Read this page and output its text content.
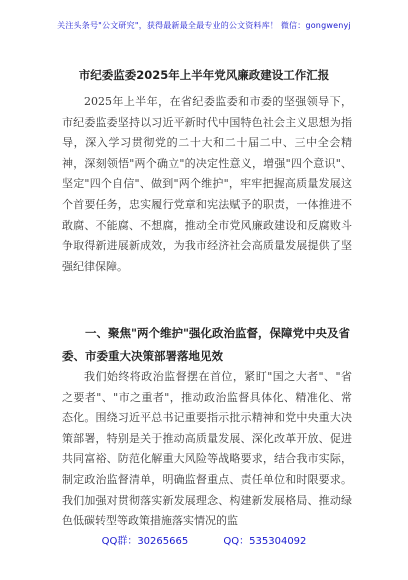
关注头条号"公文研究"，获得最新最全最专业的公文资料库！ 微信：gongwenyj
市纪委监委2025年上半年党风廉政建设工作汇报
2025年上半年，在省纪委监委和市委的坚强领导下，市纪委监委坚持以习近平新时代中国特色社会主义思想为指导，深入学习贯彻党的二十大和二十届二中、三中全会精神，深刻领悟"两个确立"的决定性意义，增强"四个意识"、坚定"四个自信"、做到"两个维护"，牢牢把握高质量发展这个首要任务，忠实履行党章和宪法赋予的职责，一体推进不敢腐、不能腐、不想腐，推动全市党风廉政建设和反腐败斗争取得新进展新成效，为我市经济社会高质量发展提供了坚强纪律保障。
一、聚焦"两个维护"强化政治监督，保障党中央及省委、市委重大决策部署落地见效
我们始终将政治监督摆在首位，紧盯"国之大者"、"省之要者"、"市之重者"，推动政治监督具体化、精准化、常态化。围绕习近平总书记重要指示批示精神和党中央重大决策部署，特别是关于推动高质量发展、深化改革开放、促进共同富裕、防范化解重大风险等战略要求，结合我市实际，制定政治监督清单，明确监督重点、责任单位和时限要求。我们加强对贯彻落实新发展理念、构建新发展格局、推动绿色低碳转型等政策措施落实情况的监
QQ群：30265665	QQ：535304092
